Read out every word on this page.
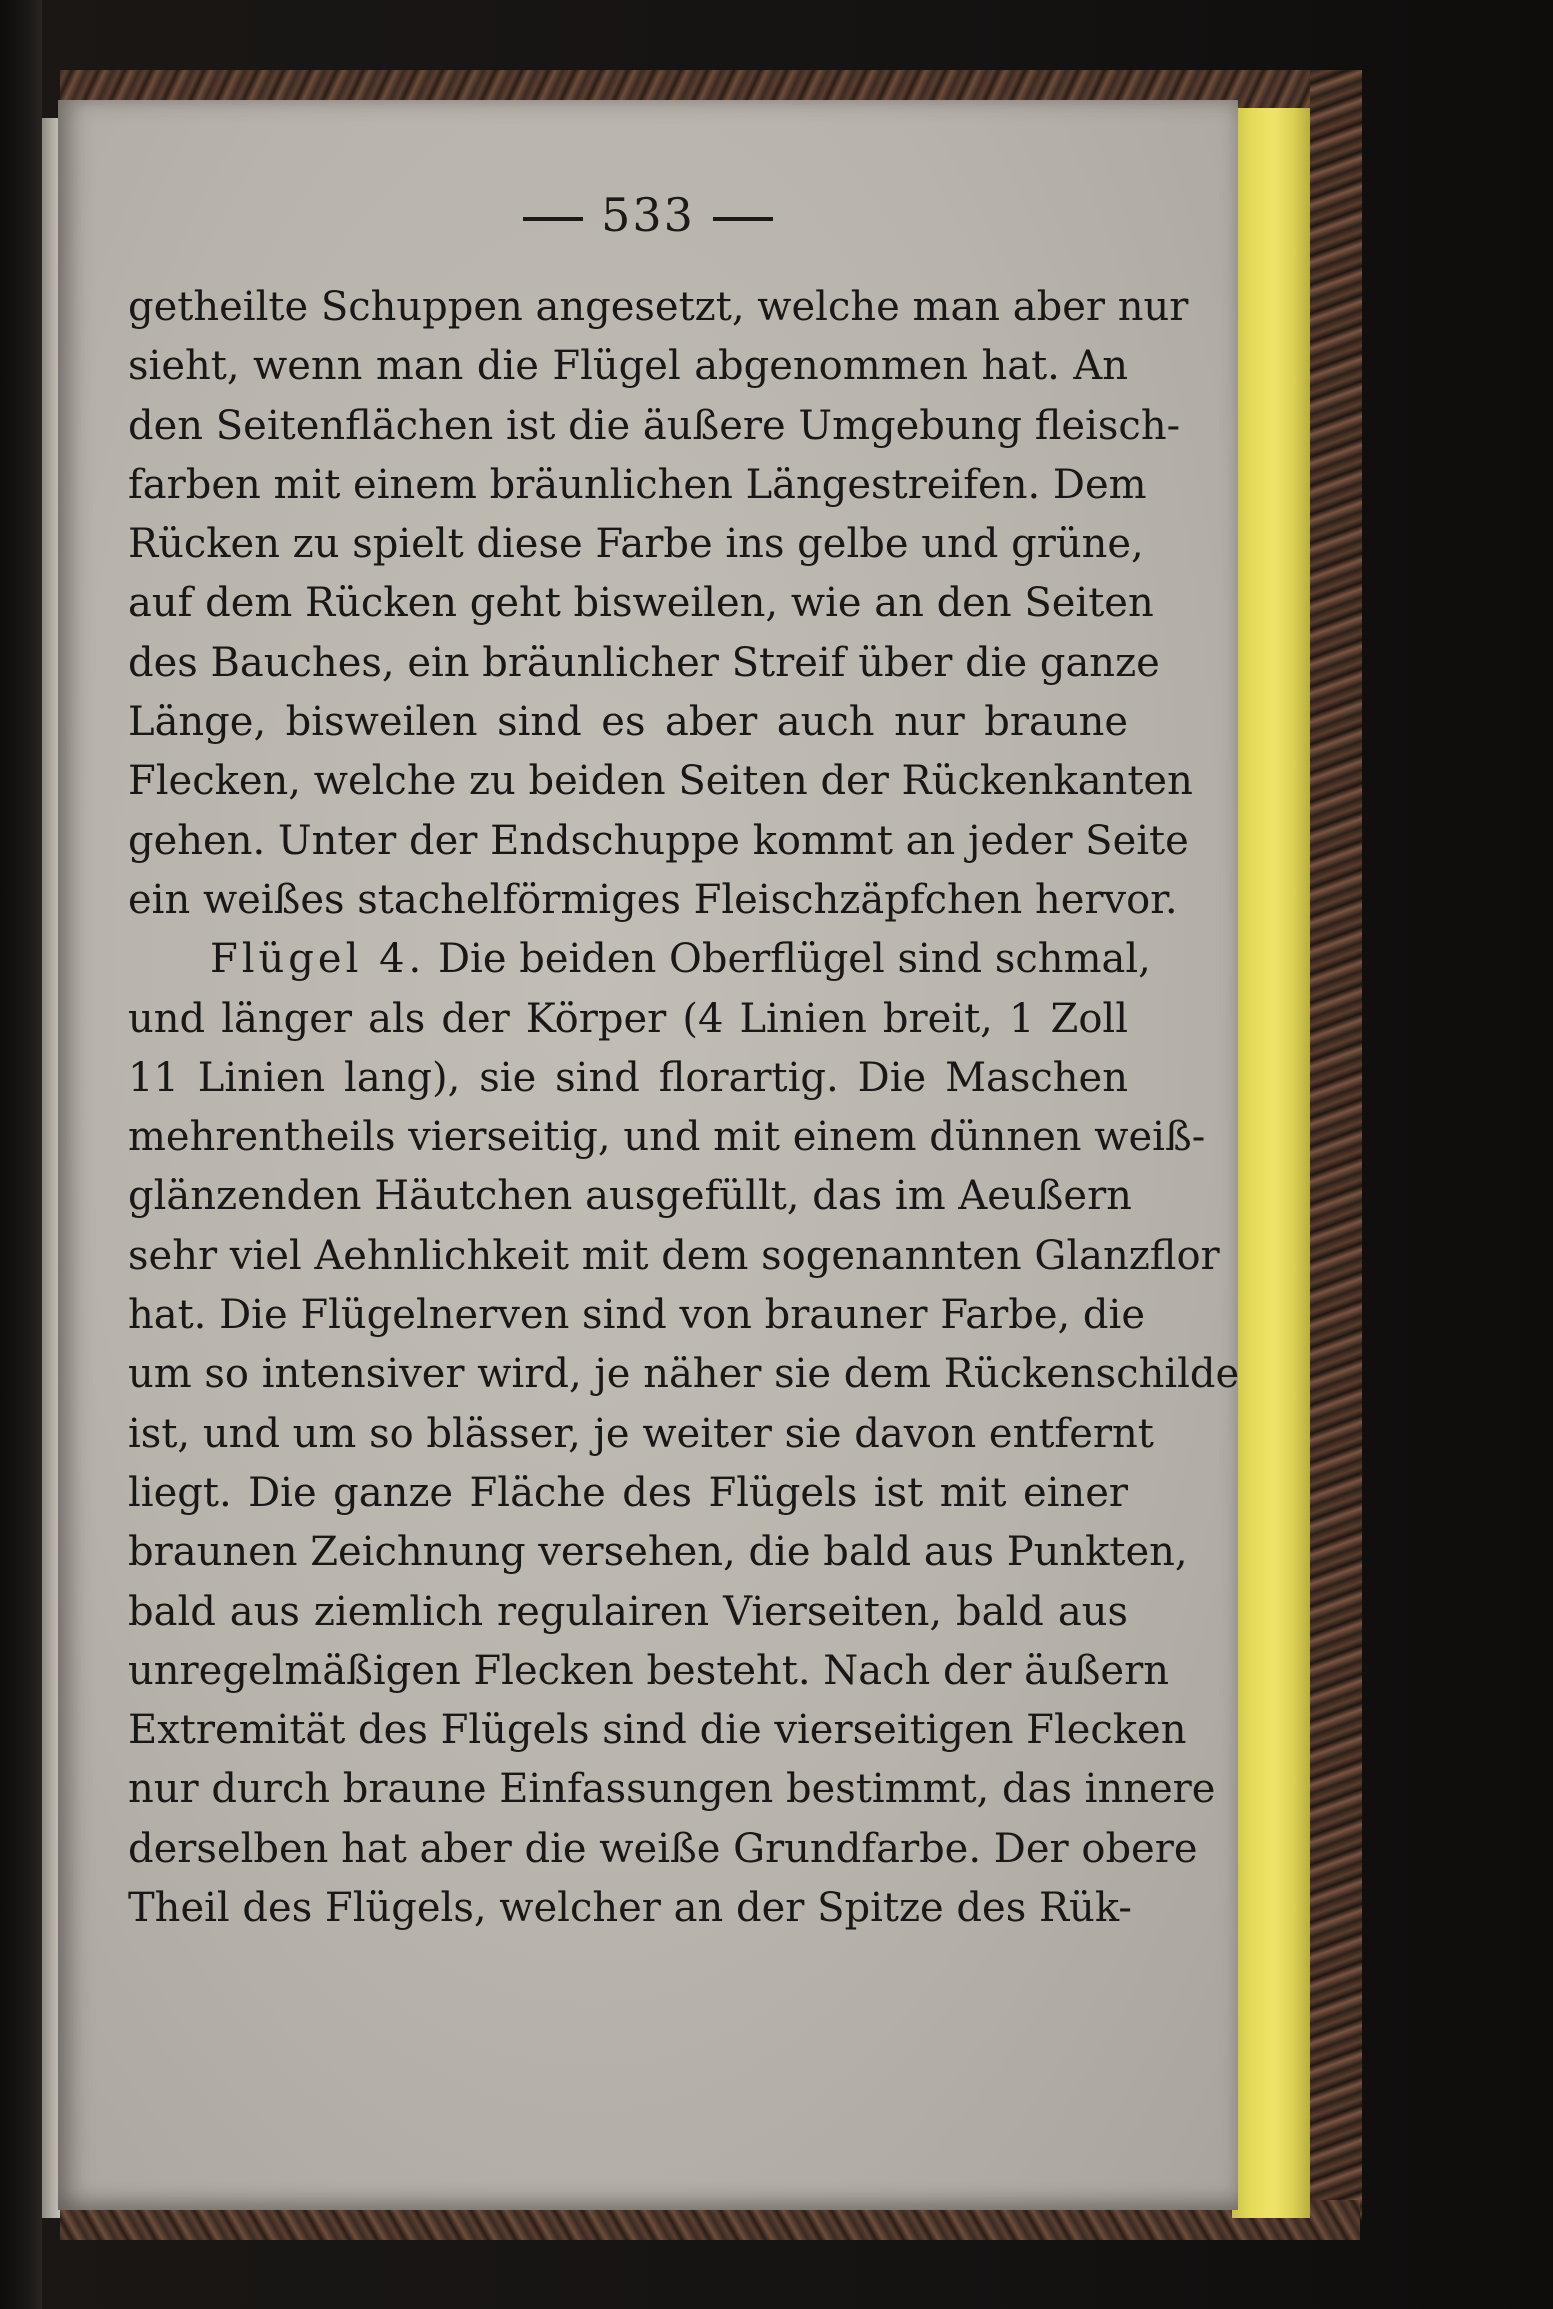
533
getheilte Schuppen angesetzt, welche man aber nur
sieht, wenn man die Flügel abgenommen hat. An
den Seitenflächen ist die äußere Umgebung fleisch-
farben mit einem bräunlichen Längestreifen. Dem
Rücken zu spielt diese Farbe ins gelbe und grüne,
auf dem Rücken geht bisweilen, wie an den Seiten
des Bauches, ein bräunlicher Streif über die ganze
Länge, bisweilen sind es aber auch nur braune
Flecken, welche zu beiden Seiten der Rückenkanten
gehen. Unter der Endschuppe kommt an jeder Seite
ein weißes stachelförmiges Fleischzäpfchen hervor.
Flügel 4. Die beiden Oberflügel sind schmal,
und länger als der Körper (4 Linien breit, 1 Zoll
11 Linien lang), sie sind florartig. Die Maschen
mehrentheils vierseitig, und mit einem dünnen weiß-
glänzenden Häutchen ausgefüllt, das im Aeußern
sehr viel Aehnlichkeit mit dem sogenannten Glanzflor
hat. Die Flügelnerven sind von brauner Farbe, die
um so intensiver wird, je näher sie dem Rückenschilde
ist, und um so blässer, je weiter sie davon entfernt
liegt. Die ganze Fläche des Flügels ist mit einer
braunen Zeichnung versehen, die bald aus Punkten,
bald aus ziemlich regulairen Vierseiten, bald aus
unregelmäßigen Flecken besteht. Nach der äußern
Extremität des Flügels sind die vierseitigen Flecken
nur durch braune Einfassungen bestimmt, das innere
derselben hat aber die weiße Grundfarbe. Der obere
Theil des Flügels, welcher an der Spitze des Rük-
